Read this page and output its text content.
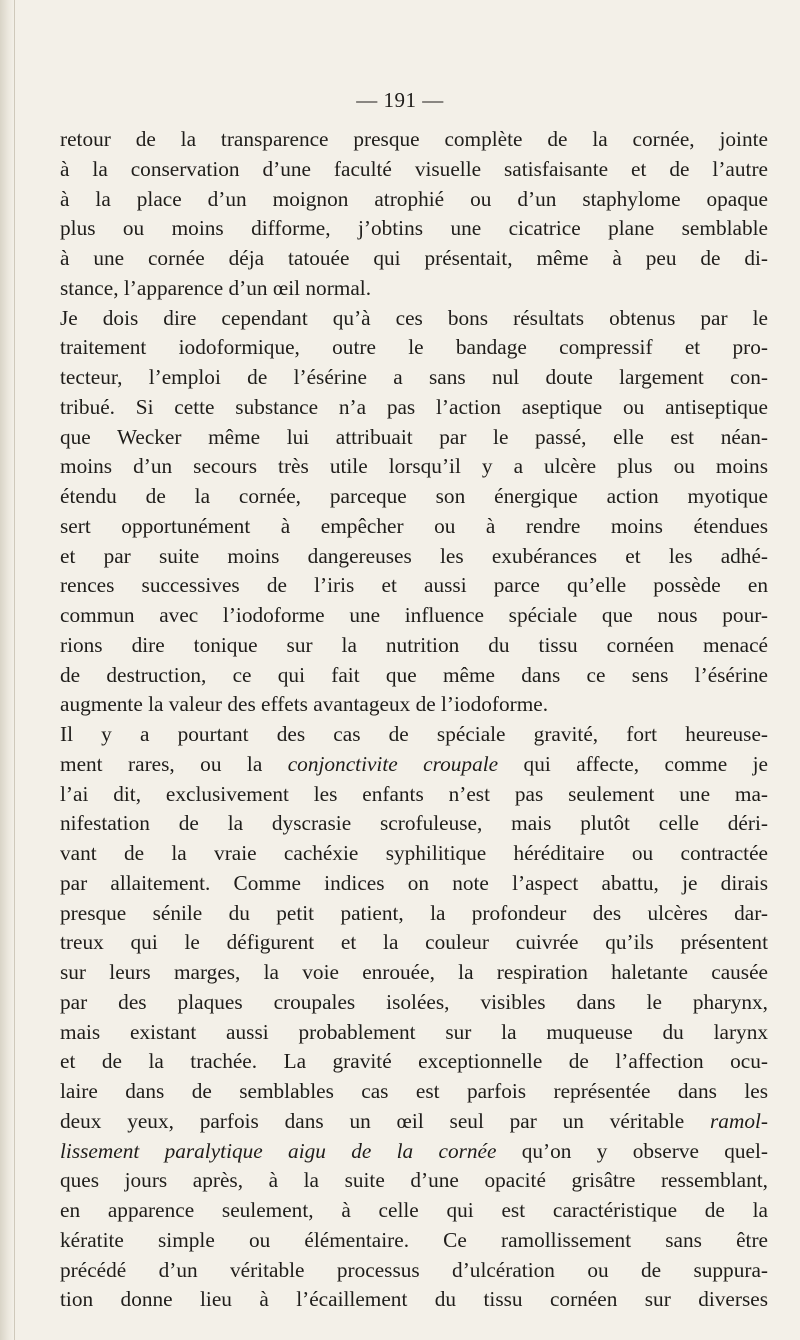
— 191 —
retour de la transparence presque complète de la cornée, jointe
à la conservation d’une faculté visuelle satisfaisante et de l’autre
à la place d’un moignon atrophié ou d’un staphylome opaque
plus ou moins difforme, j’obtins une cicatrice plane semblable
à une cornée déja tatouée qui présentait, même à peu de di-
stance, l’apparence d’un œil normal.
Je dois dire cependant qu’à ces bons résultats obtenus par le
traitement iodoformique, outre le bandage compressif et pro-
tecteur, l’emploi de l’ésérine a sans nul doute largement con-
tribué. Si cette substance n’a pas l’action aseptique ou antiseptique
que Wecker même lui attribuait par le passé, elle est néan-
moins d’un secours très utile lorsqu’il y a ulcère plus ou moins
étendu de la cornée, parceque son énergique action myotique
sert opportunément à empêcher ou à rendre moins étendues
et par suite moins dangereuses les exubérances et les adhé-
rences successives de l’iris et aussi parce qu’elle possède en
commun avec l’iodoforme une influence spéciale que nous pour-
rions dire tonique sur la nutrition du tissu cornéen menacé
de destruction, ce qui fait que même dans ce sens l’ésérine
augmente la valeur des effets avantageux de l’iodoforme.
Il y a pourtant des cas de spéciale gravité, fort heureuse-
ment rares, ou la conjonctivite croupale qui affecte, comme je
l’ai dit, exclusivement les enfants n’est pas seulement une ma-
nifestation de la dyscrasie scrofuleuse, mais plutôt celle déri-
vant de la vraie cachéxie syphilitique héréditaire ou contractée
par allaitement. Comme indices on note l’aspect abattu, je dirais
presque sénile du petit patient, la profondeur des ulcères dar-
treux qui le défigurent et la couleur cuivrée qu’ils présentent
sur leurs marges, la voie enrouée, la respiration haletante causée
par des plaques croupales isolées, visibles dans le pharynx,
mais existant aussi probablement sur la muqueuse du larynx
et de la trachée. La gravité exceptionnelle de l’affection ocu-
laire dans de semblables cas est parfois représentée dans les
deux yeux, parfois dans un œil seul par un véritable ramol-
lissement paralytique aigu de la cornée qu’on y observe quel-
ques jours après, à la suite d’une opacité grisâtre ressemblant,
en apparence seulement, à celle qui est caractéristique de la
kératite simple ou élémentaire. Ce ramollissement sans être
précédé d’un véritable processus d’ulcération ou de suppura-
tion donne lieu à l’écaillement du tissu cornéen sur diverses
